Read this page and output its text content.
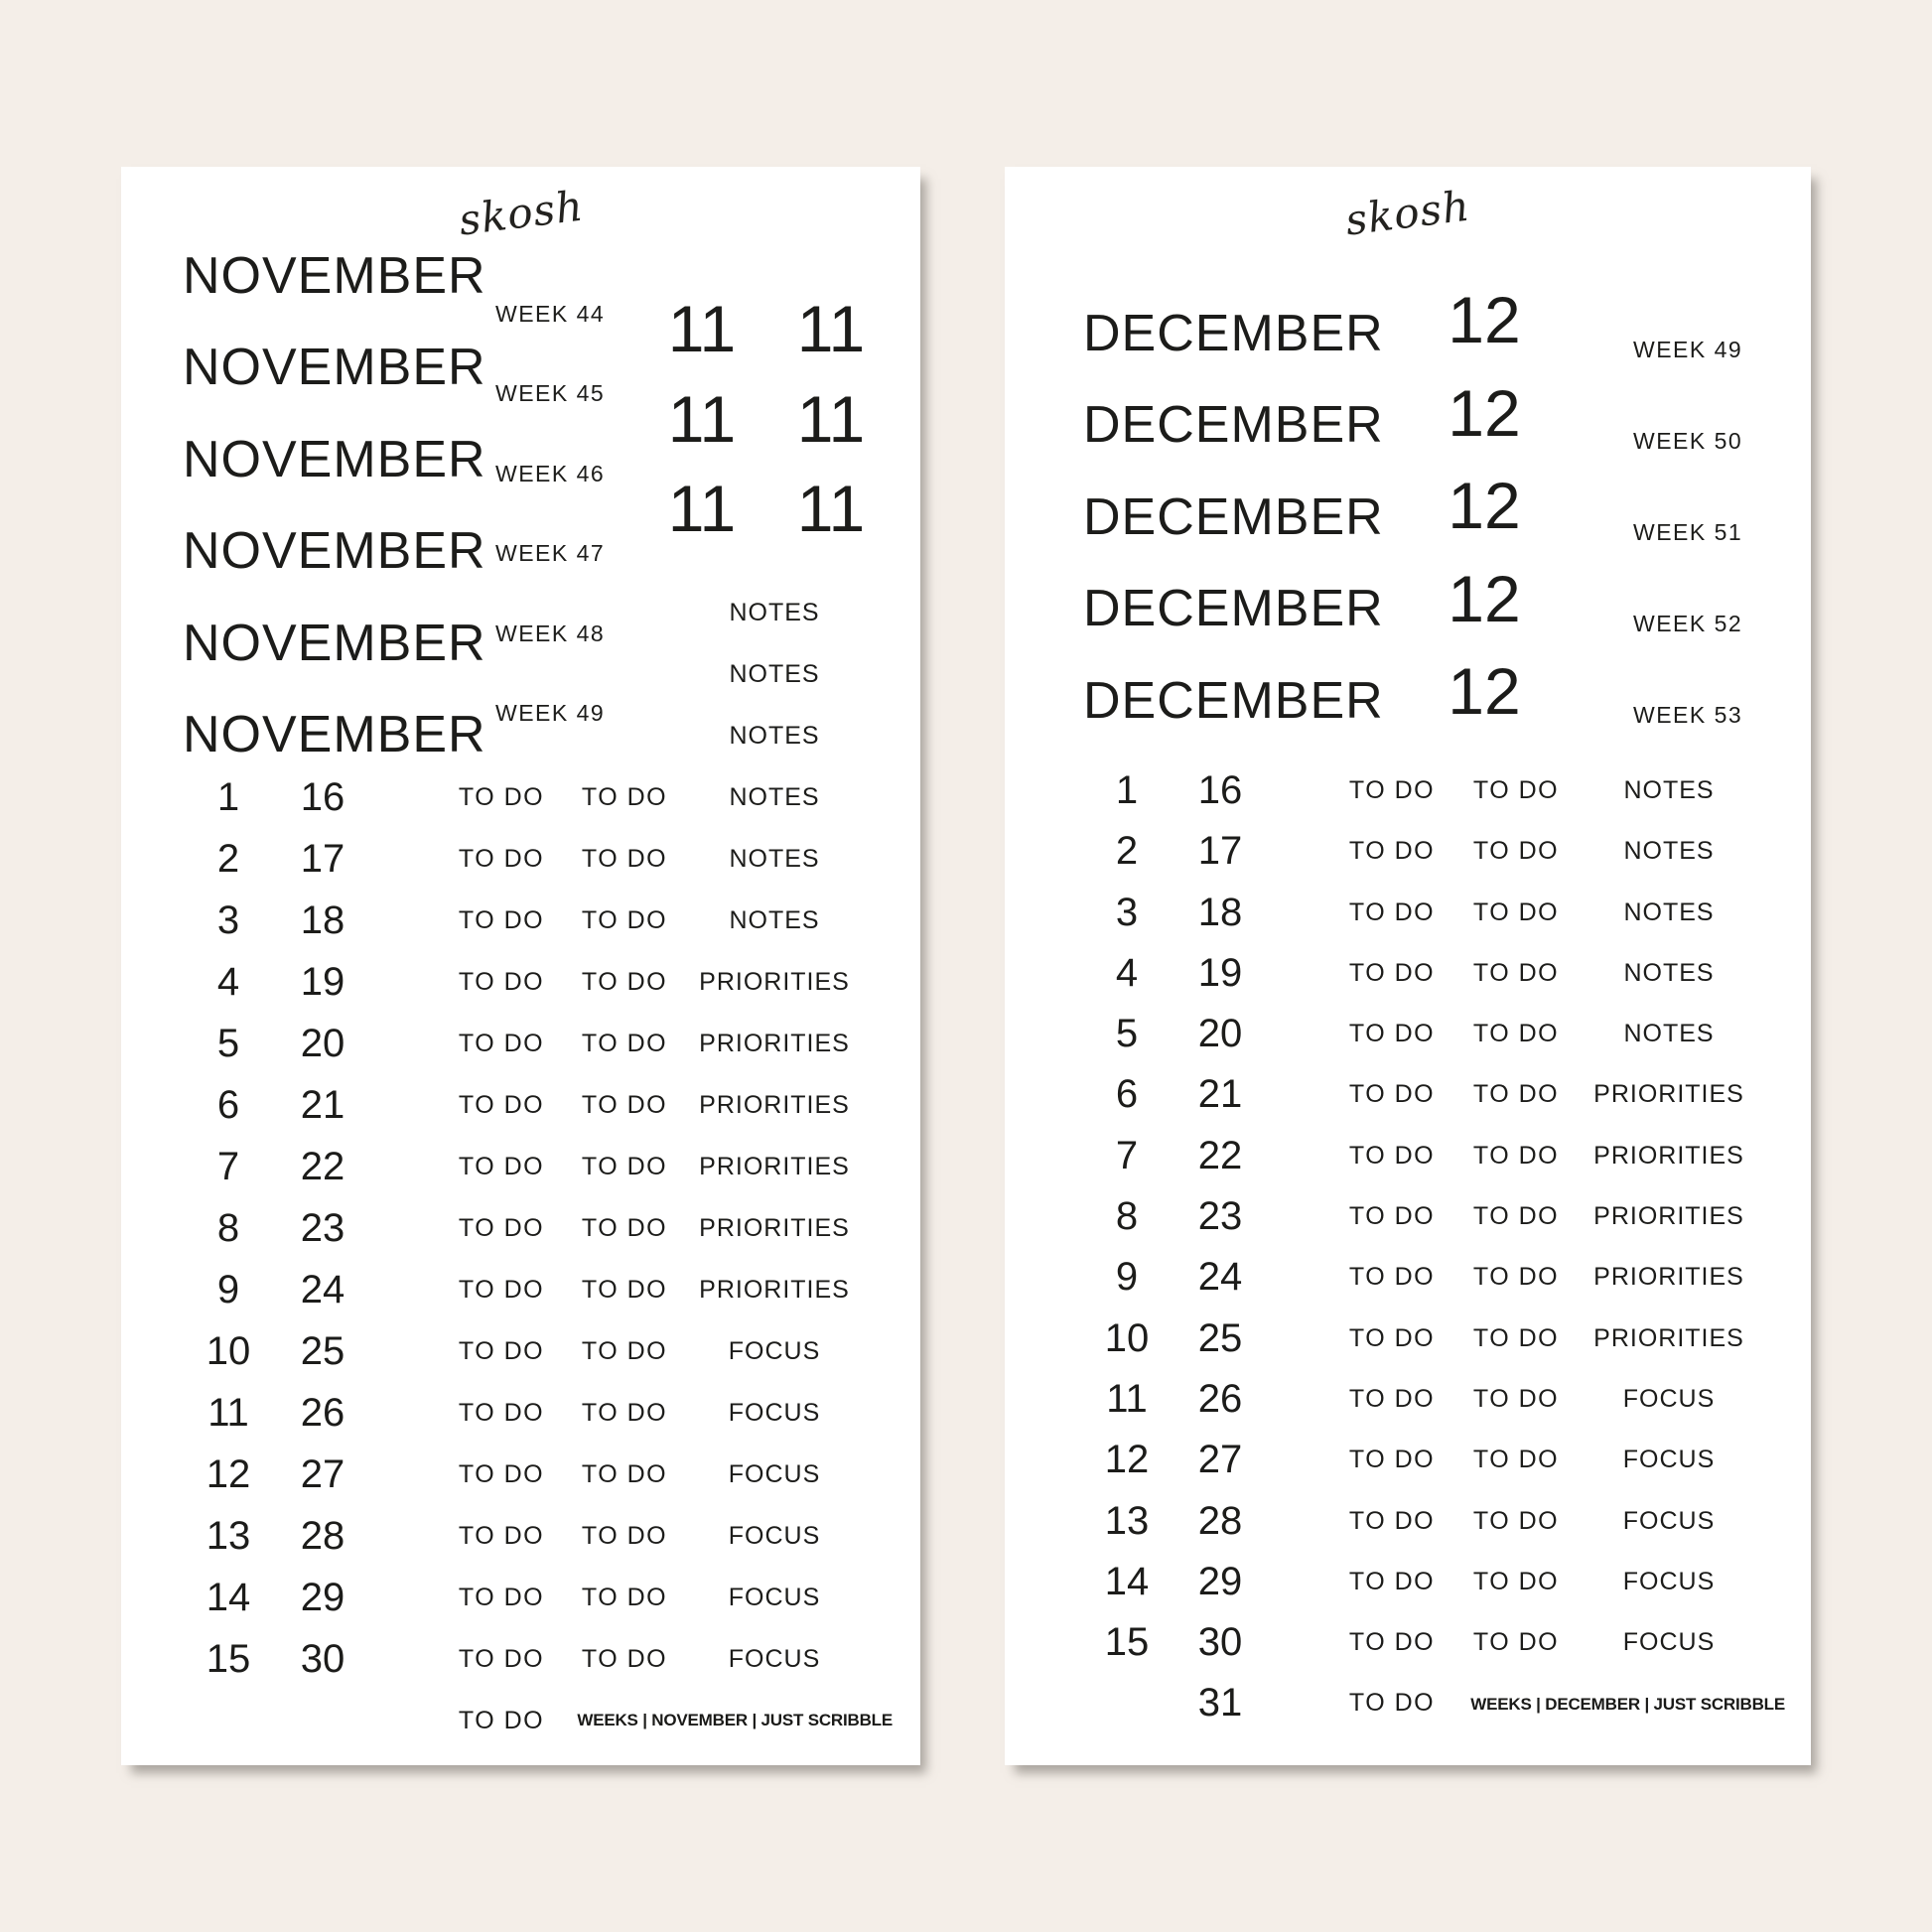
skosh
NOVEMBER
NOVEMBER
NOVEMBER
NOVEMBER
NOVEMBER
NOVEMBER
WEEK 44
WEEK 45
WEEK 46
WEEK 47
WEEK 48
WEEK 49
11 11
11 11
11 11
NOTES
NOTES
NOTES
NOTES
NOTES
NOTES
PRIORITIES
PRIORITIES
PRIORITIES
PRIORITIES
PRIORITIES
PRIORITIES
FOCUS
FOCUS
FOCUS
FOCUS
FOCUS
FOCUS
1
2
3
4
5
6
7
8
9
10
11
12
13
14
15
16
17
18
19
20
21
22
23
24
25
26
27
28
29
30
TO DO
TO DO
TO DO
TO DO
TO DO
TO DO
TO DO
TO DO
TO DO
TO DO
TO DO
TO DO
TO DO
TO DO
TO DO
TO DO
TO DO
TO DO
TO DO
TO DO
TO DO
TO DO
TO DO
TO DO
TO DO
TO DO
TO DO
TO DO
TO DO
TO DO
TO DO
WEEKS | NOVEMBER | JUST SCRIBBLE
skosh
DECEMBER
DECEMBER
DECEMBER
DECEMBER
DECEMBER
12
12
12
12
12
WEEK 49
WEEK 50
WEEK 51
WEEK 52
WEEK 53
1
2
3
4
5
6
7
8
9
10
11
12
13
14
15
16
17
18
19
20
21
22
23
24
25
26
27
28
29
30
31
TO DO
TO DO
TO DO
TO DO
TO DO
TO DO
TO DO
TO DO
TO DO
TO DO
TO DO
TO DO
TO DO
TO DO
TO DO
TO DO
TO DO
TO DO
TO DO
TO DO
TO DO
TO DO
TO DO
TO DO
TO DO
TO DO
TO DO
TO DO
TO DO
TO DO
TO DO
NOTES
NOTES
NOTES
NOTES
NOTES
PRIORITIES
PRIORITIES
PRIORITIES
PRIORITIES
PRIORITIES
FOCUS
FOCUS
FOCUS
FOCUS
FOCUS
WEEKS | DECEMBER | JUST SCRIBBLE
